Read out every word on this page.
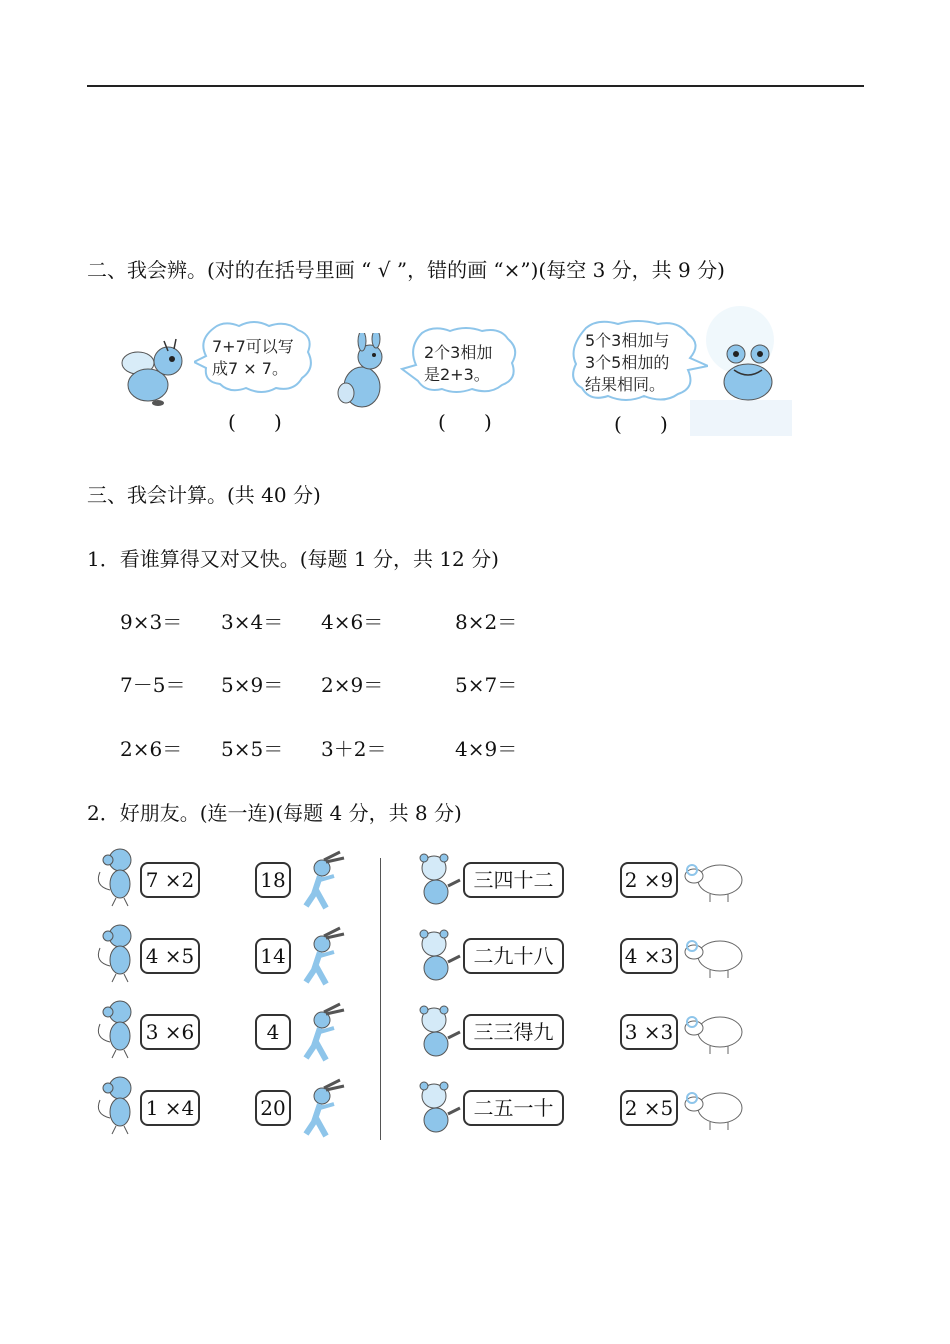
二、我会辨。(对的在括号里画 “ √ ”，错的画 “×”)(每空 3 分，共 9 分)
7+7可以写
成7 × 7。
(      )
2个3相加
是2+3。
(      )
5个3相加与
3个5相加的
结果相同。
(      )
三、我会计算。(共 40 分)
1．看谁算得又对又快。(每题 1 分，共 12 分)
9×3＝ 3×4＝ 4×6＝	8×2＝
7－5＝ 5×9＝ 2×9＝	5×7＝
2×6＝ 5×5＝ 3＋2＝	4×9＝
2．好朋友。(连一连)(每题 4 分，共 8 分)
7 ×2	18	三四十二	2 ×9
4 ×5	14	二九十八	4 ×3
3 ×6	4	三三得九	3 ×3
1 ×4	20	二五一十	2 ×5
